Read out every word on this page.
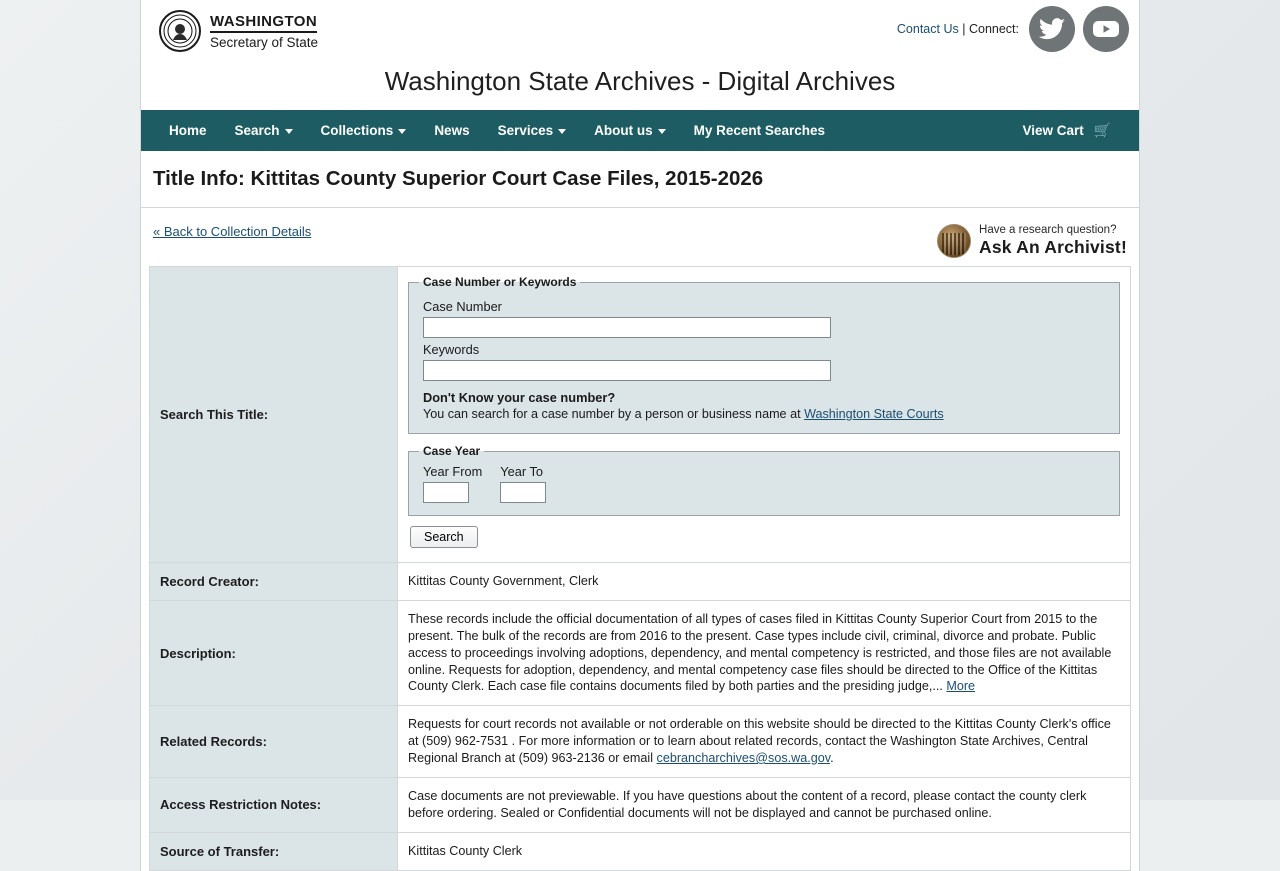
WASHINGTON
Secretary of State
Contact Us | Connect:
Washington State Archives - Digital Archives
Home	Search	Collections	News	Services	About us	My Recent Searches	View Cart 🛒
Title Info: Kittitas County Superior Court Case Files, 2015-2026
« Back to Collection Details	Have a research question?
Ask An Archivist!
Search This Title:	
Case Number or Keywords
Case Number
Keywords
Don't Know your case number?
You can search for a case number by a person or business name at Washington State Courts
Case Year
Year From Year To
Search
Record Creator:	Kittitas County Government, Clerk
Description:	These records include the official documentation of all types of cases filed in Kittitas County Superior Court from 2015 to the present. The bulk of the records are from 2016 to the present. Case types include civil, criminal, divorce and probate. Public access to proceedings involving adoptions, dependency, and mental competency is restricted, and those files are not available online. Requests for adoption, dependency, and mental competency case files should be directed to the Office of the Kittitas County Clerk. Each case file contains documents filed by both parties and the presiding judge,... More
Related Records:	Requests for court records not available or not orderable on this website should be directed to the Kittitas County Clerk's office at (509) 962-7531 . For more information or to learn about related records, contact the Washington State Archives, Central Regional Branch at (509) 963-2136 or email cebrancharchives@sos.wa.gov.
Access Restriction Notes:	Case documents are not previewable. If you have questions about the content of a record, please contact the county clerk before ordering. Sealed or Confidential documents will not be displayed and cannot be purchased online.
Source of Transfer:	Kittitas County Clerk
